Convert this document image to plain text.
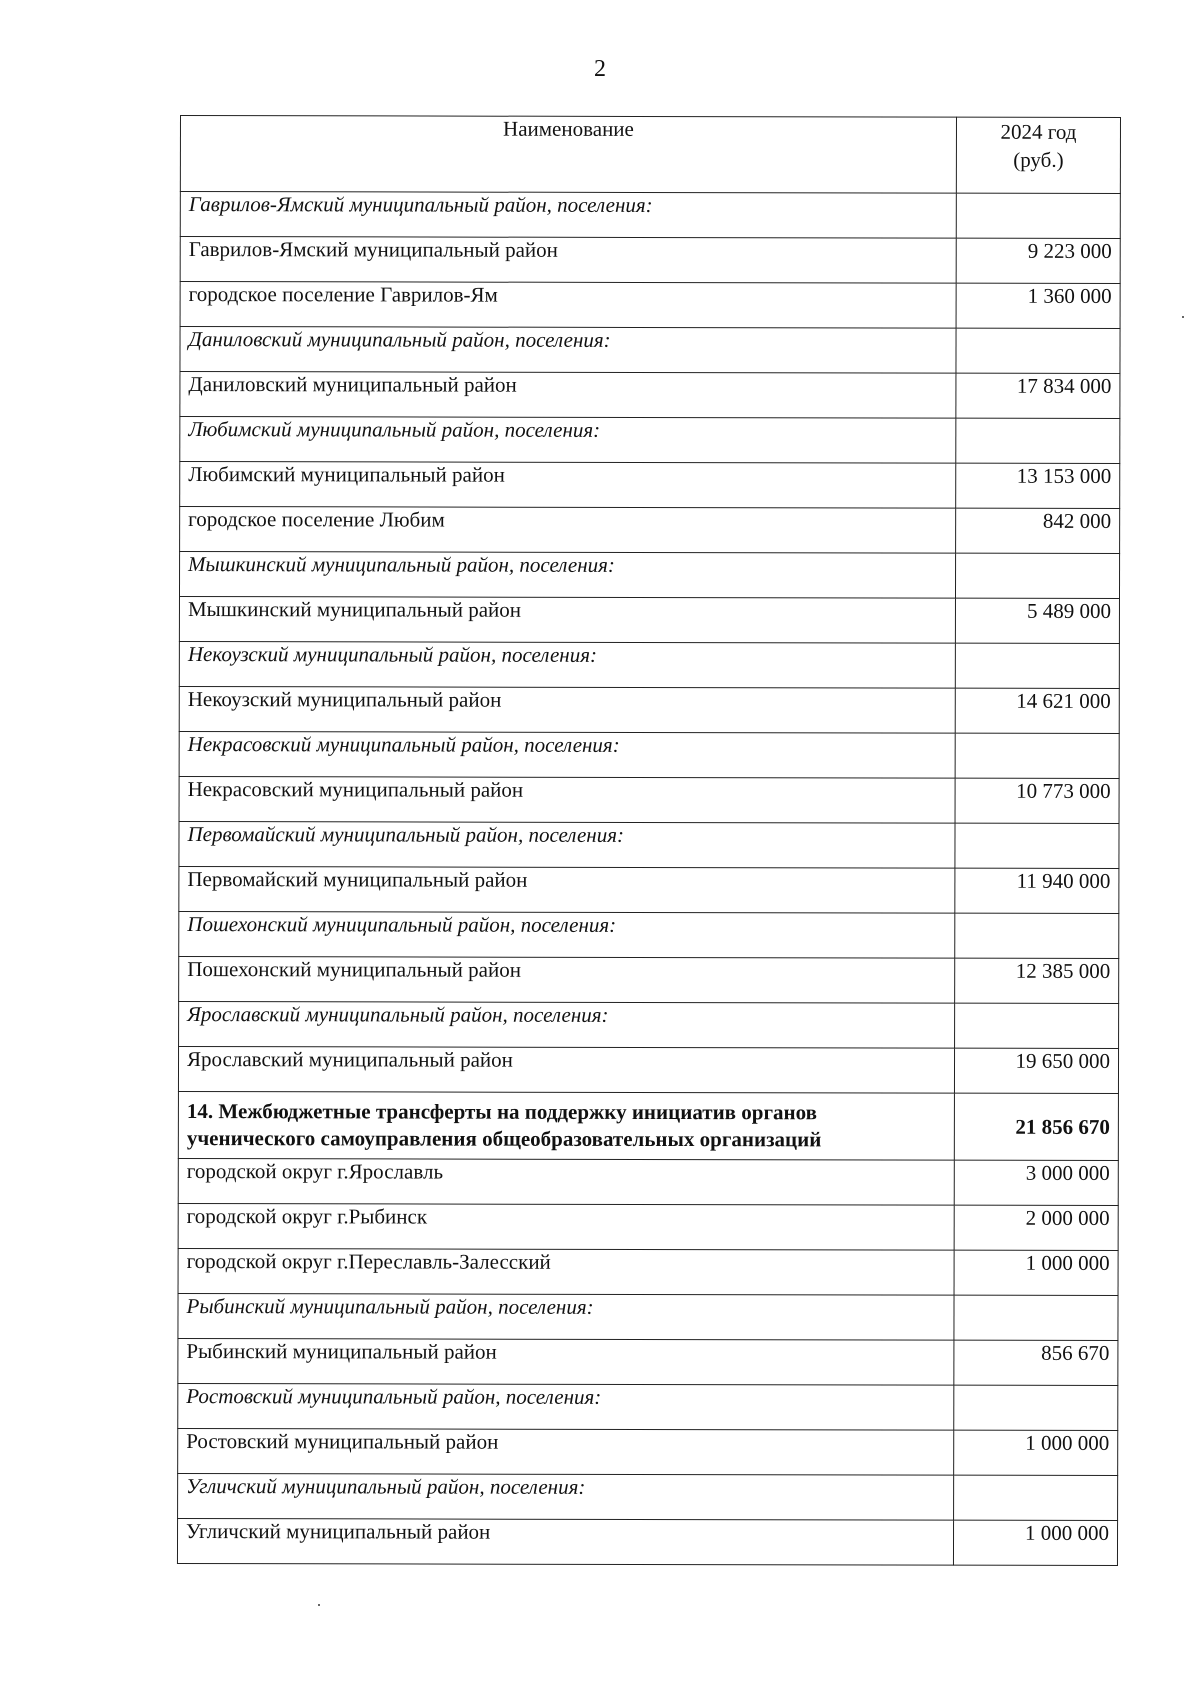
2
Наименование	2024 год
(руб.)
Гаврилов-Ямский муниципальный район, поселения:	
Гаврилов-Ямский муниципальный район	9 223 000
городское поселение Гаврилов-Ям	1 360 000
Даниловский муниципальный район, поселения:	
Даниловский муниципальный район	17 834 000
Любимский муниципальный район, поселения:	
Любимский муниципальный район	13 153 000
городское поселение Любим	842 000
Мышкинский муниципальный район, поселения:	
Мышкинский муниципальный район	5 489 000
Некоузский муниципальный район, поселения:	
Некоузский муниципальный район	14 621 000
Некрасовский муниципальный район, поселения:	
Некрасовский муниципальный район	10 773 000
Первомайский муниципальный район, поселения:	
Первомайский муниципальный район	11 940 000
Пошехонский муниципальный район, поселения:	
Пошехонский муниципальный район	12 385 000
Ярославский муниципальный район, поселения:	
Ярославский муниципальный район	19 650 000
14. Межбюджетные трансферты на поддержку инициатив органов ученического самоуправления общеобразовательных организаций	21 856 670
городской округ г.Ярославль	3 000 000
городской округ г.Рыбинск	2 000 000
городской округ г.Переславль-Залесский	1 000 000
Рыбинский муниципальный район, поселения:	
Рыбинский муниципальный район	856 670
Ростовский муниципальный район, поселения:	
Ростовский муниципальный район	1 000 000
Угличский муниципальный район, поселения:	
Угличский муниципальный район	1 000 000
